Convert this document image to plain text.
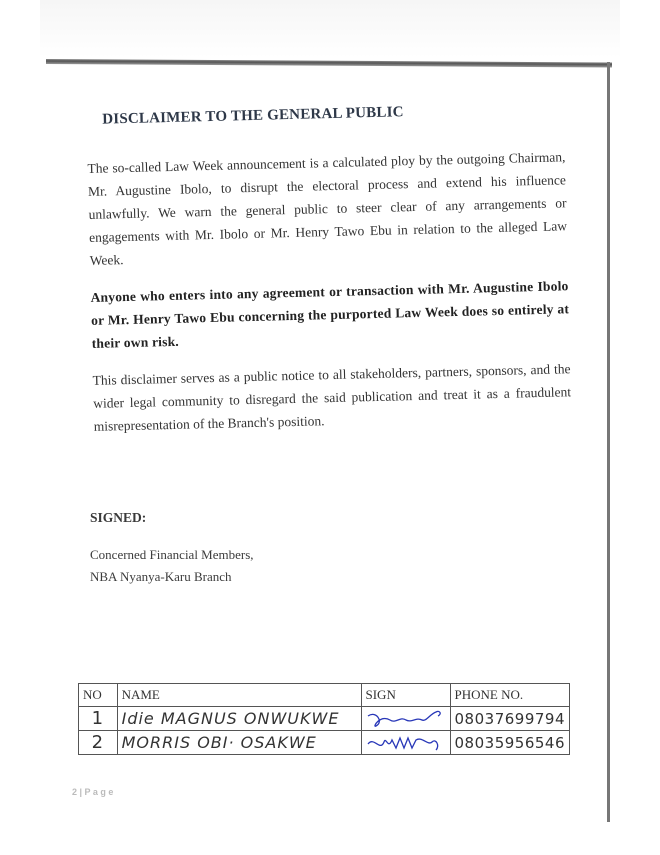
DISCLAIMER TO THE GENERAL PUBLIC

The so-called Law Week announcement is a calculated ploy by the outgoing Chairman, Mr. Augustine Ibolo, to disrupt the electoral process and extend his influence unlawfully. We warn the general public to steer clear of any arrangements or engagements with Mr. Ibolo or Mr. Henry Tawo Ebu in relation to the alleged Law Week.

Anyone who enters into any agreement or transaction with Mr. Augustine Ibolo or Mr. Henry Tawo Ebu concerning the purported Law Week does so entirely at their own risk.

This disclaimer serves as a public notice to all stakeholders, partners, sponsors, and the wider legal community to disregard the said publication and treat it as a fraudulent misrepresentation of the Branch's position.

SIGNED:
Concerned Financial Members,
NBA Nyanya-Karu Branch
NO	NAME	SIGN	PHONE NO.
1	Idie MAGNUS ONWUKWE		08037699794
2	MORRIS OBI· OSAKWE		08035956546
2 | P a g e
